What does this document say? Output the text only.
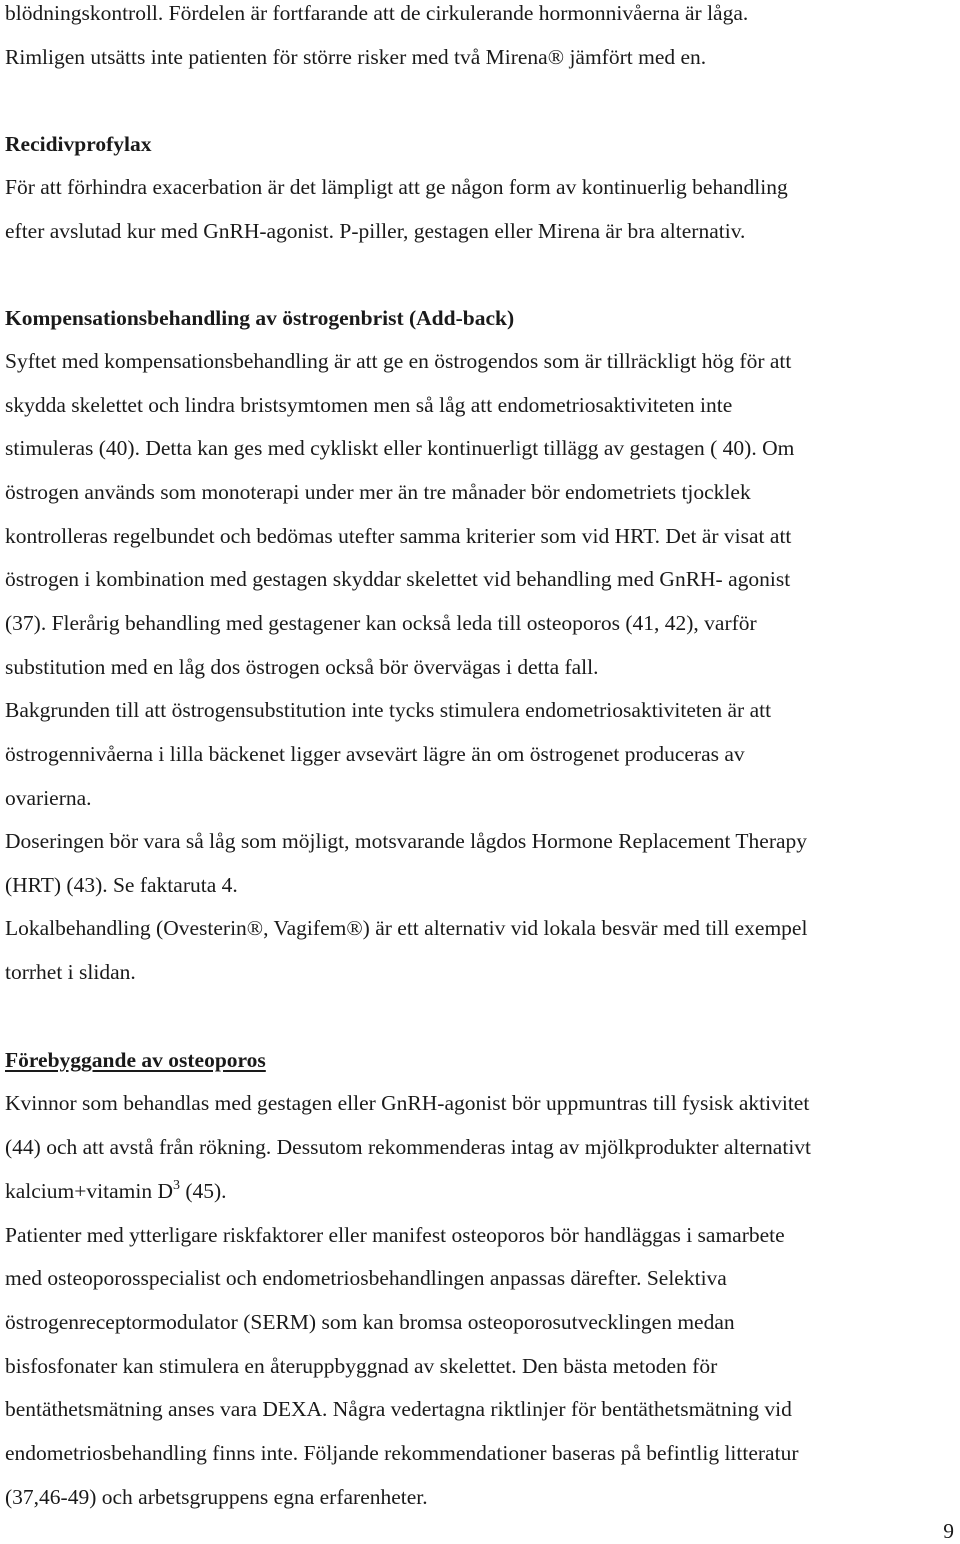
blödningskontroll. Fördelen är fortfarande att de cirkulerande hormonnivåerna är låga.
Rimligen utsätts inte patienten för större risker med två Mirena® jämfört med en.
Recidivprofylax
För att förhindra exacerbation är det lämpligt att ge någon form av kontinuerlig behandling
efter avslutad kur med GnRH-agonist. P-piller, gestagen eller Mirena är bra alternativ.
Kompensationsbehandling av östrogenbrist (Add-back)
Syftet med kompensationsbehandling är att ge en östrogendos som är tillräckligt hög för att
skydda skelettet och lindra bristsymtomen men så låg att endometriosaktiviteten inte
stimuleras (40). Detta kan ges med cykliskt eller kontinuerligt tillägg av gestagen ( 40). Om
östrogen används som monoterapi under mer än tre månader bör endometriets tjocklek
kontrolleras regelbundet och bedömas utefter samma kriterier som vid HRT. Det är visat att
östrogen i kombination med gestagen skyddar skelettet vid behandling med GnRH- agonist
(37). Flerårig behandling med gestagener kan också leda till osteoporos (41, 42), varför
substitution med en låg dos östrogen också bör övervägas i detta fall.
Bakgrunden till att östrogensubstitution inte tycks stimulera endometriosaktiviteten är att
östrogennivåerna i lilla bäckenet ligger avsevärt lägre än om östrogenet produceras av
ovarierna.
Doseringen bör vara så låg som möjligt, motsvarande lågdos Hormone Replacement Therapy
(HRT) (43). Se faktaruta 4.
Lokalbehandling (Ovesterin®, Vagifem®) är ett alternativ vid lokala besvär med till exempel
torrhet i slidan.
Förebyggande av osteoporos
Kvinnor som behandlas med gestagen eller GnRH-agonist bör uppmuntras till fysisk aktivitet
(44) och att avstå från rökning. Dessutom rekommenderas intag av mjölkprodukter alternativt
kalcium+vitamin $D^3$ (45).
Patienter med ytterligare riskfaktorer eller manifest osteoporos bör handläggas i samarbete
med osteoporosspecialist och endometriosbehandlingen anpassas därefter. Selektiva
östrogenreceptormodulator (SERM) som kan bromsa osteoporosutvecklingen medan
bisfosfonater kan stimulera en återuppbyggnad av skelettet. Den bästa metoden för
bentäthetsmätning anses vara DEXA. Några vedertagna riktlinjer för bentäthetsmätning vid
endometriosbehandling finns inte. Följande rekommendationer baseras på befintlig litteratur
(37,46-49) och arbetsgruppens egna erfarenheter.
9
